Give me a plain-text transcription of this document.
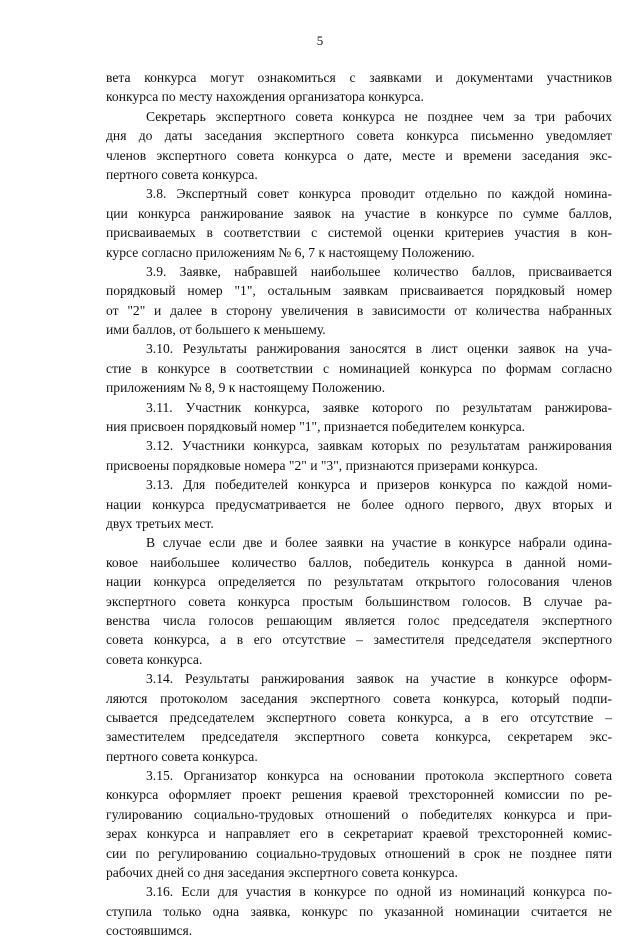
5
вета конкурса могут ознакомиться с заявками и документами участников
конкурса по месту нахождения организатора конкурса.
Секретарь экспертного совета конкурса не позднее чем за три рабочих
дня до даты заседания экспертного совета конкурса письменно уведомляет
членов экспертного совета конкурса о дате, месте и времени заседания экс-
пертного совета конкурса.
3.8. Экспертный совет конкурса проводит отдельно по каждой номина-
ции конкурса ранжирование заявок на участие в конкурсе по сумме баллов,
присваиваемых в соответствии с системой оценки критериев участия в кон-
курсе согласно приложениям № 6, 7 к настоящему Положению.
3.9. Заявке, набравшей наибольшее количество баллов, присваивается
порядковый номер "1", остальным заявкам присваивается порядковый номер
от "2" и далее в сторону увеличения в зависимости от количества набранных
ими баллов, от большего к меньшему.
3.10. Результаты ранжирования заносятся в лист оценки заявок на уча-
стие в конкурсе в соответствии с номинацией конкурса по формам согласно
приложениям № 8, 9 к настоящему Положению.
3.11. Участник конкурса, заявке которого по результатам ранжирова-
ния присвоен порядковый номер "1", признается победителем конкурса.
3.12. Участники конкурса, заявкам которых по результатам ранжирования
присвоены порядковые номера "2" и "3", признаются призерами конкурса.
3.13. Для победителей конкурса и призеров конкурса по каждой номи-
нации конкурса предусматривается не более одного первого, двух вторых и
двух третьих мест.
В случае если две и более заявки на участие в конкурсе набрали одина-
ковое наибольшее количество баллов, победитель конкурса в данной номи-
нации конкурса определяется по результатам открытого голосования членов
экспертного совета конкурса простым большинством голосов. В случае ра-
венства числа голосов решающим является голос председателя экспертного
совета конкурса, а в его отсутствие – заместителя председателя экспертного
совета конкурса.
3.14. Результаты ранжирования заявок на участие в конкурсе оформ-
ляются протоколом заседания экспертного совета конкурса, который подпи-
сывается председателем экспертного совета конкурса, а в его отсутствие –
заместителем председателя экспертного совета конкурса, секретарем экс-
пертного совета конкурса.
3.15. Организатор конкурса на основании протокола экспертного совета
конкурса оформляет проект решения краевой трехсторонней комиссии по ре-
гулированию социально-трудовых отношений о победителях конкурса и при-
зерах конкурса и направляет его в секретариат краевой трехсторонней комис-
сии по регулированию социально-трудовых отношений в срок не позднее пяти
рабочих дней со дня заседания экспертного совета конкурса.
3.16. Если для участия в конкурсе по одной из номинаций конкурса по-
ступила только одна заявка, конкурс по указанной номинации считается не
состоявшимся.
